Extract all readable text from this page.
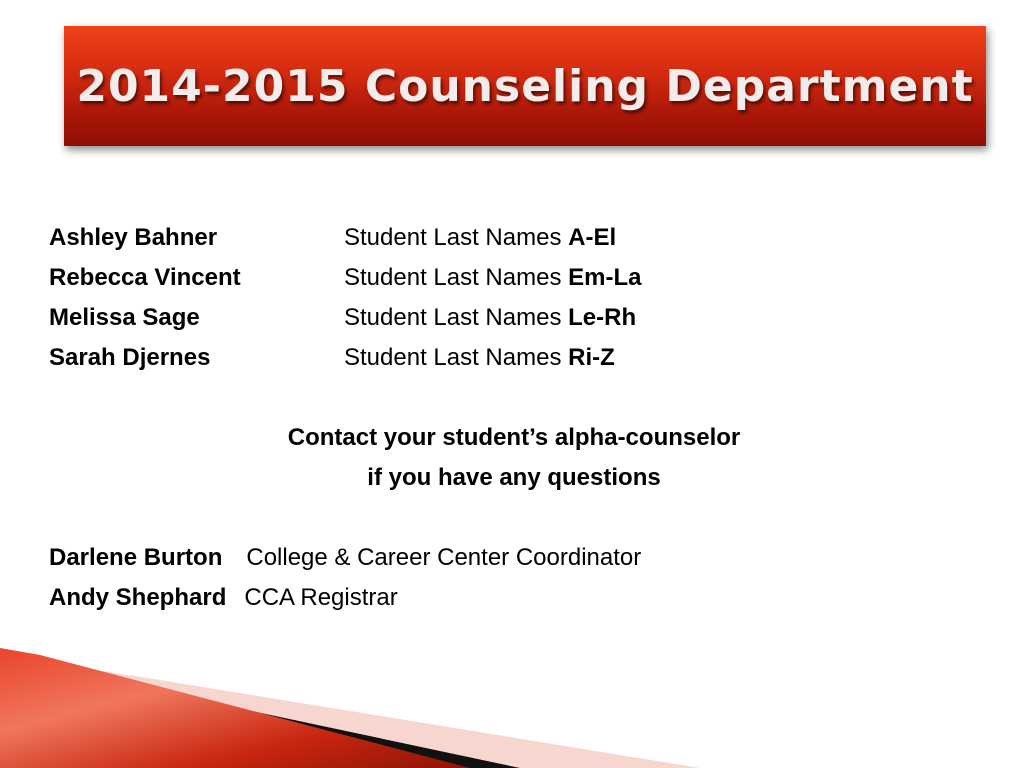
2014-2015 Counseling Department
Ashley Bahner	Student Last Names A-El
Rebecca Vincent	Student Last Names Em-La
Melissa Sage	Student Last Names Le-Rh
Sarah Djernes	Student Last Names Ri-Z
Contact your student’s alpha-counselor
if you have any questions
Darlene Burton College & Career Center Coordinator
Andy Shephard CCA Registrar
